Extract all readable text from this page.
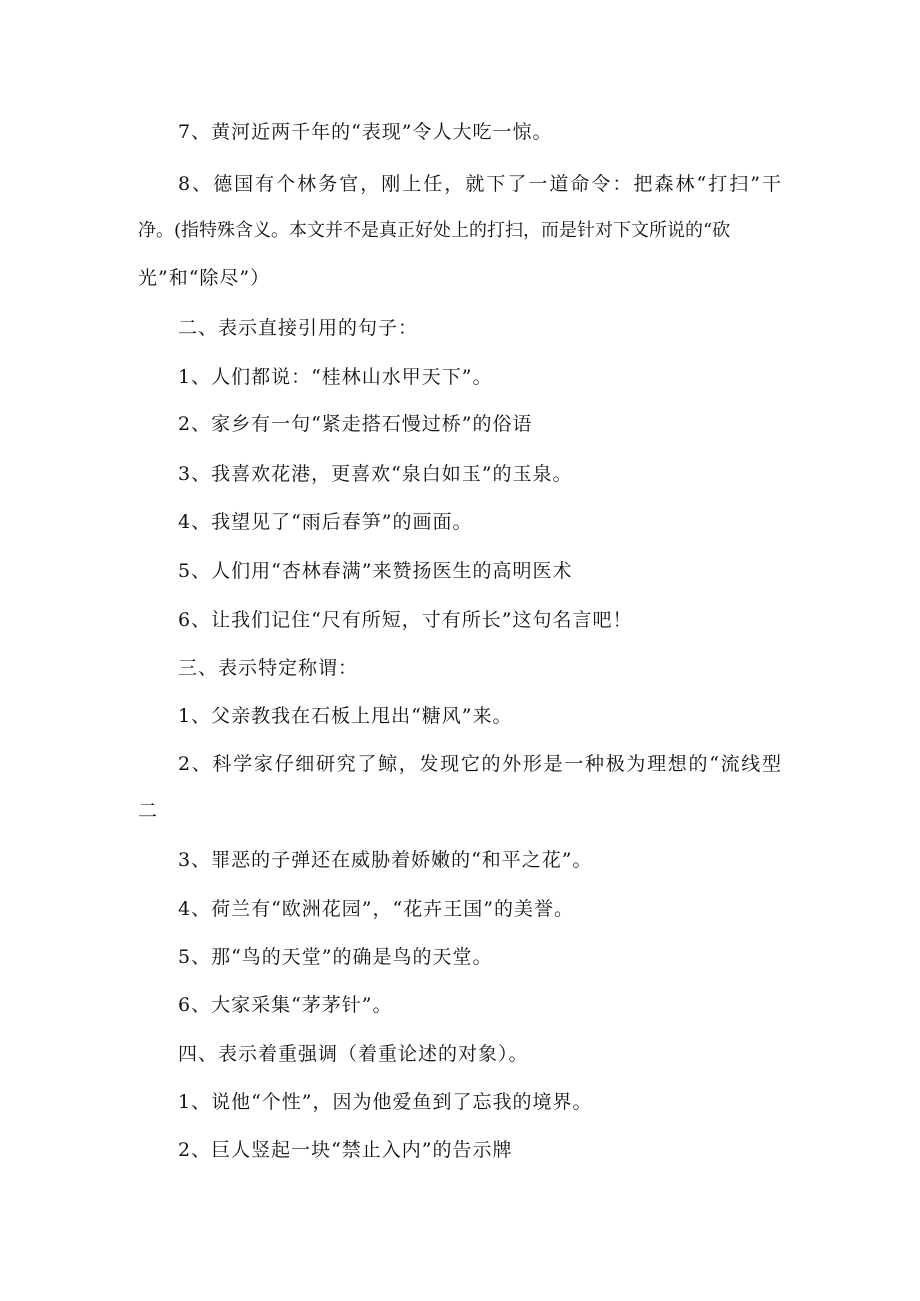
7、黄河近两千年的“表现”令人大吃一惊。
8、德国有个林务官，刚上任，就下了一道命令：把森林“打扫”干
净。(指特殊含义。本文并不是真正好处上的打扫，而是针对下文所说的“砍
光”和“除尽”）
二、表示直接引用的句子：
1、人们都说：“桂林山水甲天下”。
2、家乡有一句“紧走搭石慢过桥”的俗语
3、我喜欢花港，更喜欢“泉白如玉”的玉泉。
4、我望见了“雨后春笋”的画面。
5、人们用“杏林春满”来赞扬医生的高明医术
6、让我们记住“尺有所短，寸有所长”这句名言吧！
三、表示特定称谓：
1、父亲教我在石板上甩出“糖风”来。
2、科学家仔细研究了鲸，发现它的外形是一种极为理想的“流线型
二
3、罪恶的子弹还在威胁着娇嫩的“和平之花”。
4、荷兰有“欧洲花园”，“花卉王国”的美誉。
5、那“鸟的天堂”的确是鸟的天堂。
6、大家采集“茅茅针”。
四、表示着重强调（着重论述的对象）。
1、说他“个性”，因为他爱鱼到了忘我的境界。
2、巨人竖起一块“禁止入内”的告示牌
